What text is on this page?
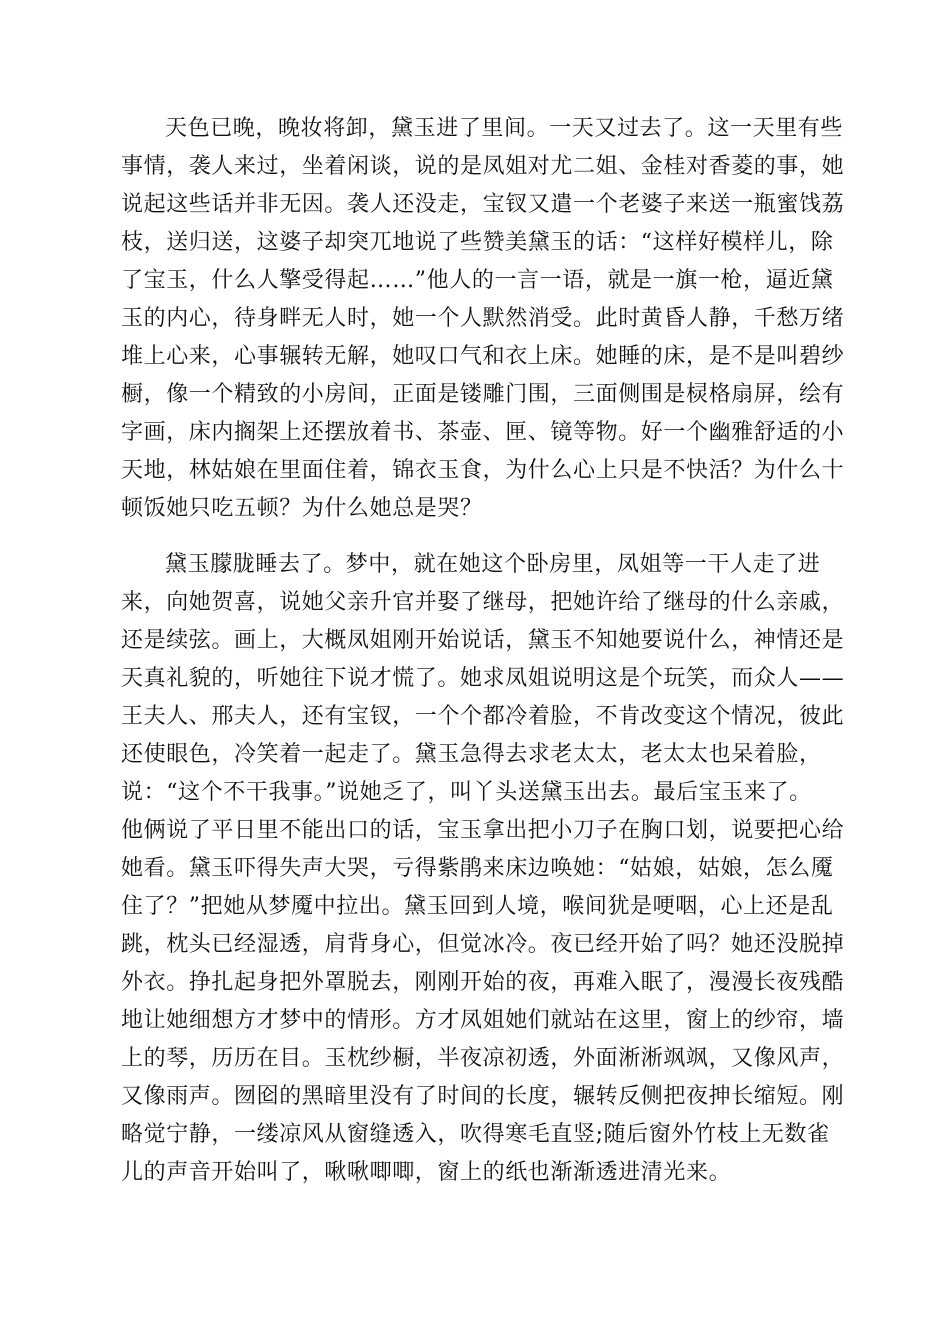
天色已晚，晚妆将卸，黛玉进了里间。一天又过去了。这一天里有些
事情，袭人来过，坐着闲谈，说的是凤姐对尤二姐、金桂对香菱的事，她
说起这些话并非无因。袭人还没走，宝钗又遣一个老婆子来送一瓶蜜饯荔
枝，送归送，这婆子却突兀地说了些赞美黛玉的话：“这样好模样儿，除
了宝玉，什么人擎受得起……”他人的一言一语，就是一旗一枪，逼近黛
玉的内心，待身畔无人时，她一个人默然消受。此时黄昏人静，千愁万绪
堆上心来，心事辗转无解，她叹口气和衣上床。她睡的床，是不是叫碧纱
橱，像一个精致的小房间，正面是镂雕门围，三面侧围是棂格扇屏，绘有
字画，床内搁架上还摆放着书、茶壶、匣、镜等物。好一个幽雅舒适的小
天地，林姑娘在里面住着，锦衣玉食，为什么心上只是不快活？为什么十
顿饭她只吃五顿？为什么她总是哭？
黛玉朦胧睡去了。梦中，就在她这个卧房里，凤姐等一干人走了进
来，向她贺喜，说她父亲升官并娶了继母，把她许给了继母的什么亲戚，
还是续弦。画上，大概凤姐刚开始说话，黛玉不知她要说什么，神情还是
天真礼貌的，听她往下说才慌了。她求凤姐说明这是个玩笑，而众人——
王夫人、邢夫人，还有宝钗，一个个都冷着脸，不肯改变这个情况，彼此
还使眼色，冷笑着一起走了。黛玉急得去求老太太，老太太也呆着脸，
说：“这个不干我事。”说她乏了，叫丫头送黛玉出去。最后宝玉来了。
他俩说了平日里不能出口的话，宝玉拿出把小刀子在胸口划，说要把心给
她看。黛玉吓得失声大哭，亏得紫鹃来床边唤她：“姑娘，姑娘，怎么魇
住了？”把她从梦魇中拉出。黛玉回到人境，喉间犹是哽咽，心上还是乱
跳，枕头已经湿透，肩背身心，但觉冰冷。夜已经开始了吗？她还没脱掉
外衣。挣扎起身把外罩脱去，刚刚开始的夜，再难入眠了，漫漫长夜残酷
地让她细想方才梦中的情形。方才凤姐她们就站在这里，窗上的纱帘，墙
上的琴，历历在目。玉枕纱橱，半夜凉初透，外面淅淅飒飒，又像风声，
又像雨声。囫囵的黑暗里没有了时间的长度，辗转反侧把夜抻长缩短。刚
略觉宁静，一缕凉风从窗缝透入，吹得寒毛直竖;随后窗外竹枝上无数雀
儿的声音开始叫了，啾啾唧唧，窗上的纸也渐渐透进清光来。
